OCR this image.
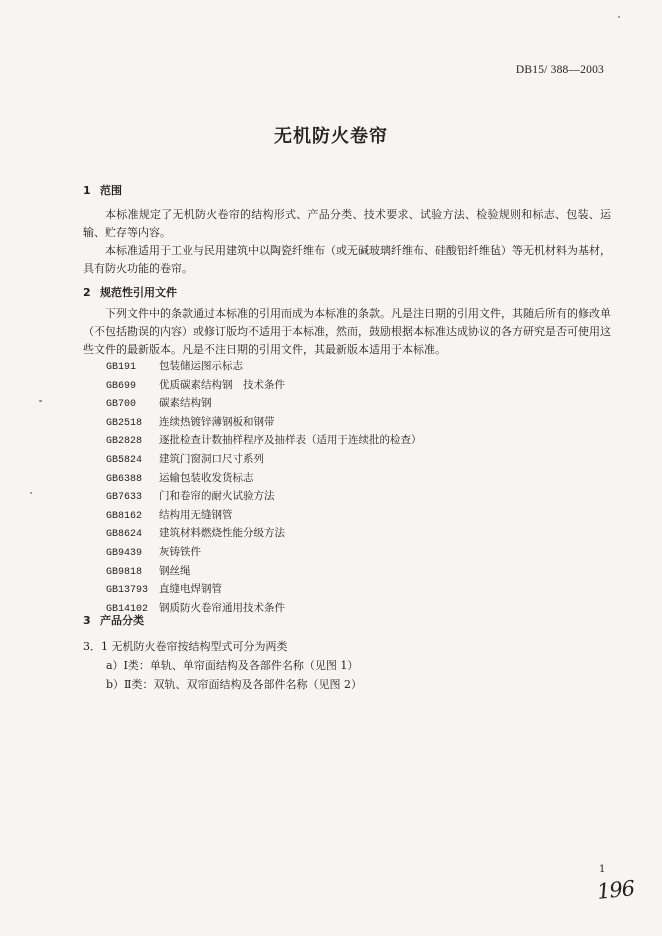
DB15/ 388—2003
无机防火卷帘
1 范围
本标准规定了无机防火卷帘的结构形式、产品分类、技术要求、试验方法、检验规则和标志、包装、运输、贮存等内容。
本标准适用于工业与民用建筑中以陶瓷纤维布（或无碱玻璃纤维布、硅酸铝纤维毡）等无机材料为基材，具有防火功能的卷帘。
2 规范性引用文件
下列文件中的条款通过本标准的引用而成为本标准的条款。凡是注日期的引用文件，其随后所有的修改单（不包括勘误的内容）或修订版均不适用于本标准，然而，鼓励根据本标准达成协议的各方研究是否可使用这些文件的最新版本。凡是不注日期的引用文件，其最新版本适用于本标准。
GB191 包装储运图示标志
GB699 优质碳素结构钢　技术条件
GB700 碳素结构钢
GB2518 连续热镀锌薄钢板和钢带
GB2828 逐批检查计数抽样程序及抽样表（适用于连续批的检查）
GB5824 建筑门窗洞口尺寸系列
GB6388 运输包装收发货标志
GB7633 门和卷帘的耐火试验方法
GB8162 结构用无缝钢管
GB8624 建筑材料燃烧性能分级方法
GB9439 灰铸铁件
GB9818 钢丝绳
GB13793 直缝电焊钢管
GB14102 钢质防火卷帘通用技术条件
3 产品分类
3．1 无机防火卷帘按结构型式可分为两类
a）Ⅰ类：单轨、单帘面结构及各部件名称（见图 1）
b）Ⅱ类：双轨、双帘面结构及各部件名称（见图 2）
1
196
